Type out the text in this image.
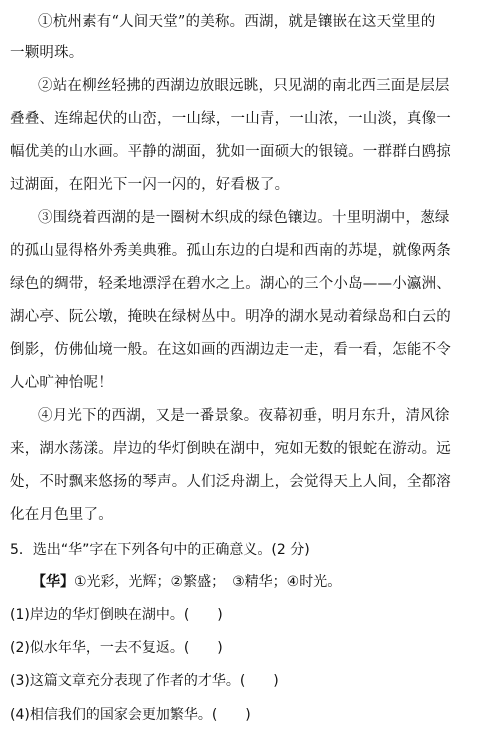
①杭州素有“人间天堂”的美称。西湖，就是镶嵌在这天堂里的
一颗明珠。
②站在柳丝轻拂的西湖边放眼远眺，只见湖的南北西三面是层层
叠叠、连绵起伏的山峦，一山绿，一山青，一山浓，一山淡，真像一
幅优美的山水画。平静的湖面，犹如一面硕大的银镜。一群群白鸥掠
过湖面，在阳光下一闪一闪的，好看极了。
③围绕着西湖的是一圈树木织成的绿色镶边。十里明湖中，葱绿
的孤山显得格外秀美典雅。孤山东边的白堤和西南的苏堤，就像两条
绿色的绸带，轻柔地漂浮在碧水之上。湖心的三个小岛——小瀛洲、
湖心亭、阮公墩，掩映在绿树丛中。明净的湖水晃动着绿岛和白云的
倒影，仿佛仙境一般。在这如画的西湖边走一走，看一看，怎能不令
人心旷神怡呢！
④月光下的西湖，又是一番景象。夜幕初垂，明月东升，清风徐
来，湖水荡漾。岸边的华灯倒映在湖中，宛如无数的银蛇在游动。远
处，不时飘来悠扬的琴声。人们泛舟湖上，会觉得天上人间，全都溶
化在月色里了。
5．选出“华”字在下列各句中的正确意义。(2 分)
【华】①光彩，光辉；②繁盛；　③精华；④时光。
(1)岸边的华灯倒映在湖中。(　　)
(2)似水年华，一去不复返。(　　)
(3)这篇文章充分表现了作者的才华。(　　)
(4)相信我们的国家会更加繁华。(　　)
